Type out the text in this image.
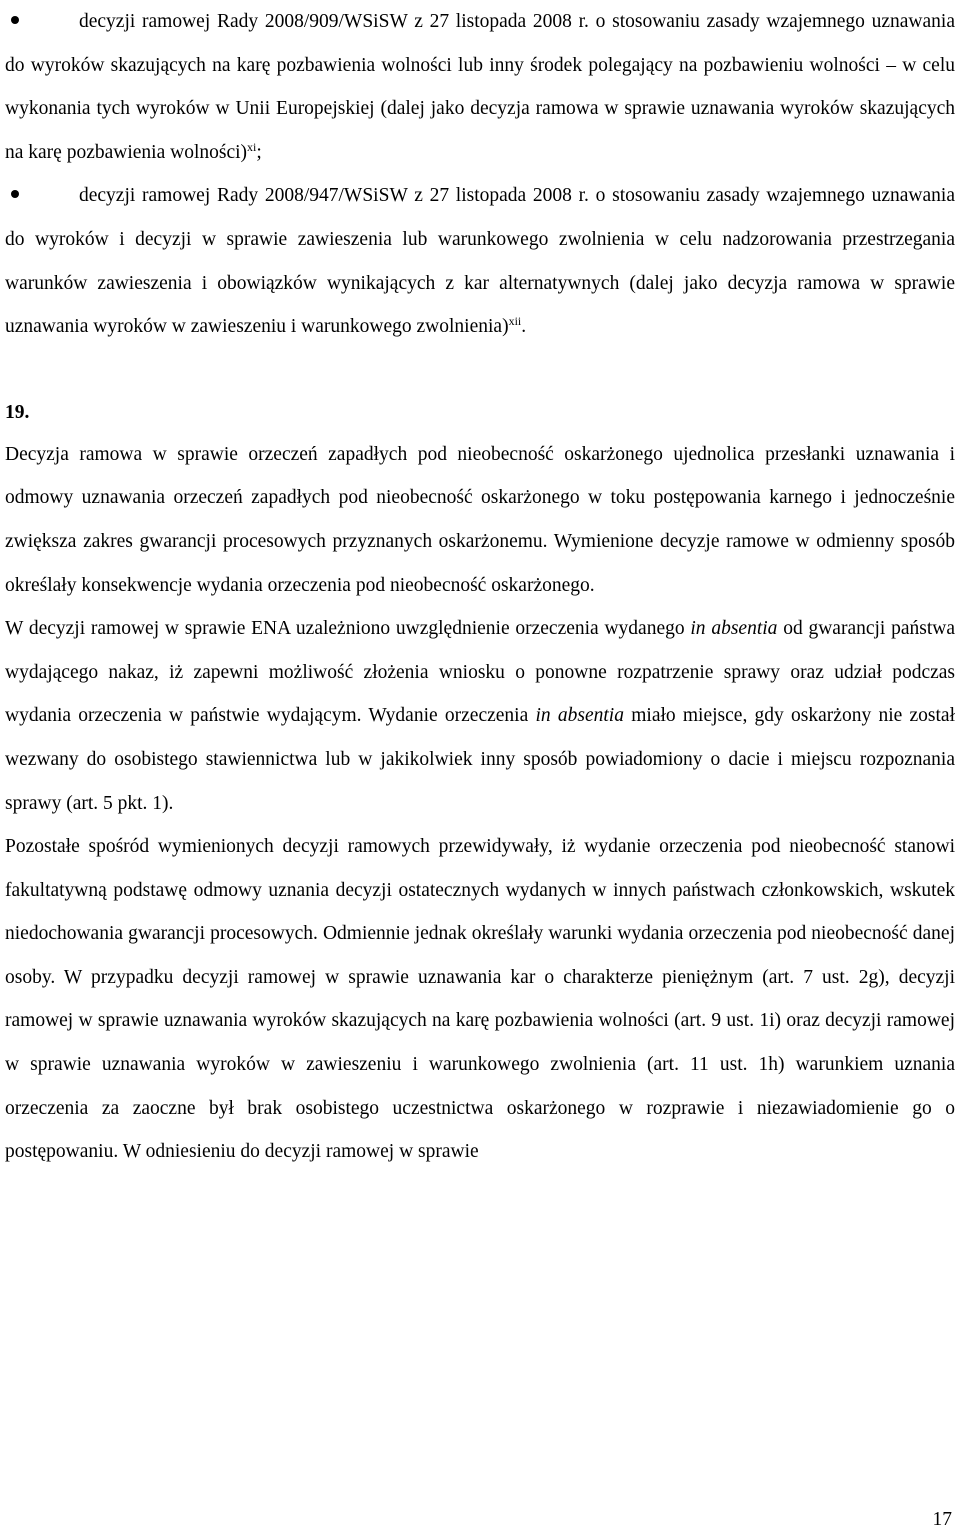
decyzji ramowej Rady 2008/909/WSiSW z 27 listopada 2008 r. o stosowaniu zasady wzajemnego uznawania do wyroków skazujących na karę pozbawienia wolności lub inny środek polegający na pozbawieniu wolności – w celu wykonania tych wyroków w Unii Europejskiej (dalej jako decyzja ramowa w sprawie uznawania wyroków skazujących na karę pozbawienia wolności)$^{xi}$;
decyzji ramowej Rady 2008/947/WSiSW z 27 listopada 2008 r. o stosowaniu zasady wzajemnego uznawania do wyroków i decyzji w sprawie zawieszenia lub warunkowego zwolnienia w celu nadzorowania przestrzegania warunków zawieszenia i obowiązków wynikających z kar alternatywnych (dalej jako decyzja ramowa w sprawie uznawania wyroków w zawieszeniu i warunkowego zwolnienia)$^{xii}$.
19.

Decyzja ramowa w sprawie orzeczeń zapadłych pod nieobecność oskarżonego ujednolica przesłanki uznawania i odmowy uznawania orzeczeń zapadłych pod nieobecność oskarżonego w toku postępowania karnego i jednocześnie zwiększa zakres gwarancji procesowych przyznanych oskarżonemu. Wymienione decyzje ramowe w odmienny sposób określały konsekwencje wydania orzeczenia pod nieobecność oskarżonego.

W decyzji ramowej w sprawie ENA uzależniono uwzględnienie orzeczenia wydanego in absentia od gwarancji państwa wydającego nakaz, iż zapewni możliwość złożenia wniosku o ponowne rozpatrzenie sprawy oraz udział podczas wydania orzeczenia w państwie wydającym. Wydanie orzeczenia in absentia miało miejsce, gdy oskarżony nie został wezwany do osobistego stawiennictwa lub w jakikolwiek inny sposób powiadomiony o dacie i miejscu rozpoznania sprawy (art. 5 pkt. 1).

Pozostałe spośród wymienionych decyzji ramowych przewidywały, iż wydanie orzeczenia pod nieobecność stanowi fakultatywną podstawę odmowy uznania decyzji ostatecznych wydanych w innych państwach członkowskich, wskutek niedochowania gwarancji procesowych. Odmiennie jednak określały warunki wydania orzeczenia pod nieobecność danej osoby. W przypadku decyzji ramowej w sprawie uznawania kar o charakterze pieniężnym (art. 7 ust. 2g), decyzji ramowej w sprawie uznawania wyroków skazujących na karę pozbawienia wolności (art. 9 ust. 1i) oraz decyzji ramowej w sprawie uznawania wyroków w zawieszeniu i warunkowego zwolnienia (art. 11 ust. 1h) warunkiem uznania orzeczenia za zaoczne był brak osobistego uczestnictwa oskarżonego w rozprawie i niezawiadomienie go o postępowaniu. W odniesieniu do decyzji ramowej w sprawie

17
